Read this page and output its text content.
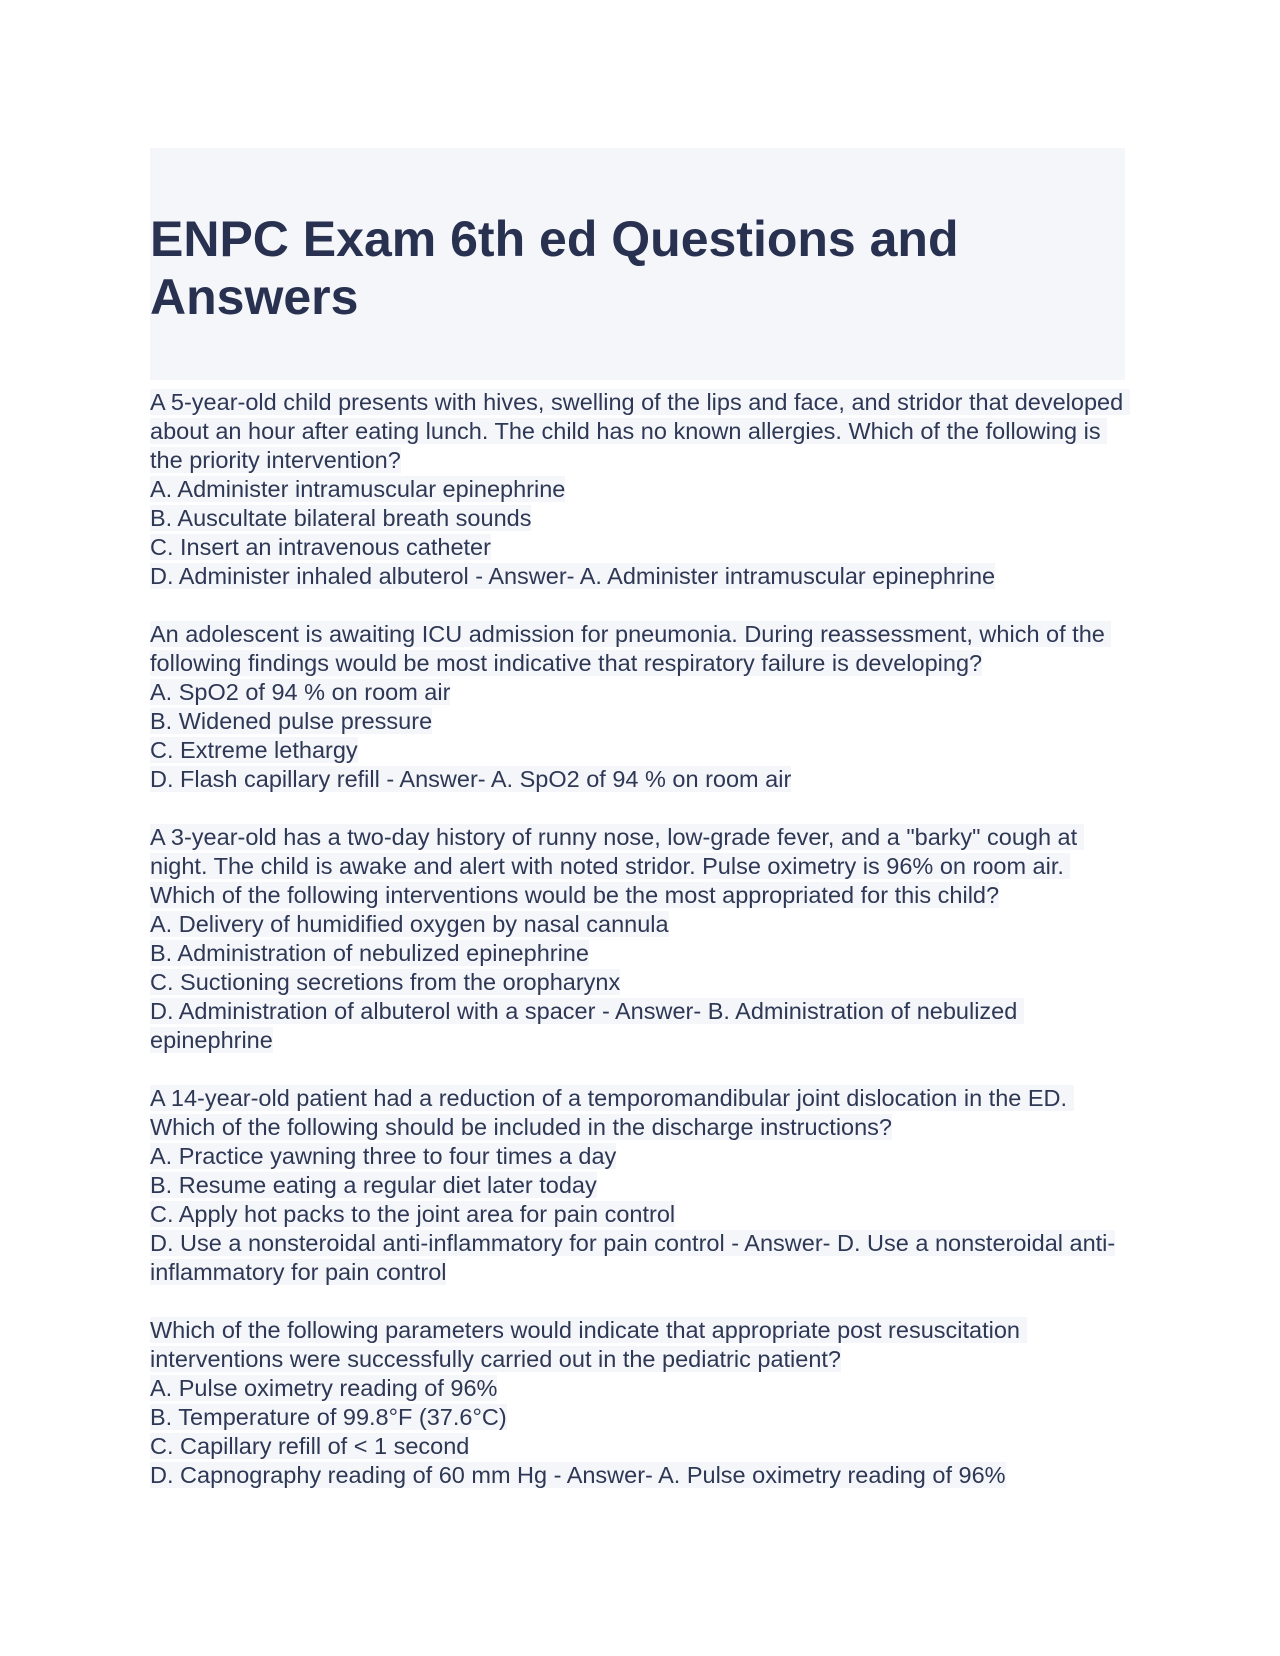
ENPC Exam 6th ed Questions and Answers
A 5-year-old child presents with hives, swelling of the lips and face, and stridor that developed about an hour after eating lunch. The child has no known allergies. Which of the following is the priority intervention?
A. Administer intramuscular epinephrine
B. Auscultate bilateral breath sounds
C. Insert an intravenous catheter
D. Administer inhaled albuterol - Answer- A. Administer intramuscular epinephrine
An adolescent is awaiting ICU admission for pneumonia. During reassessment, which of the following findings would be most indicative that respiratory failure is developing?
A. SpO2 of 94 % on room air
B. Widened pulse pressure
C. Extreme lethargy
D. Flash capillary refill - Answer- A. SpO2 of 94 % on room air
A 3-year-old has a two-day history of runny nose, low-grade fever, and a "barky" cough at night. The child is awake and alert with noted stridor. Pulse oximetry is 96% on room air. Which of the following interventions would be the most appropriated for this child?
A. Delivery of humidified oxygen by nasal cannula
B. Administration of nebulized epinephrine
C. Suctioning secretions from the oropharynx
D. Administration of albuterol with a spacer - Answer- B. Administration of nebulized epinephrine
A 14-year-old patient had a reduction of a temporomandibular joint dislocation in the ED. Which of the following should be included in the discharge instructions?
A. Practice yawning three to four times a day
B. Resume eating a regular diet later today
C. Apply hot packs to the joint area for pain control
D. Use a nonsteroidal anti-inflammatory for pain control - Answer- D. Use a nonsteroidal anti-inflammatory for pain control
Which of the following parameters would indicate that appropriate post resuscitation interventions were successfully carried out in the pediatric patient?
A. Pulse oximetry reading of 96%
B. Temperature of 99.8°F (37.6°C)
C. Capillary refill of < 1 second
D. Capnography reading of 60 mm Hg - Answer- A. Pulse oximetry reading of 96%
